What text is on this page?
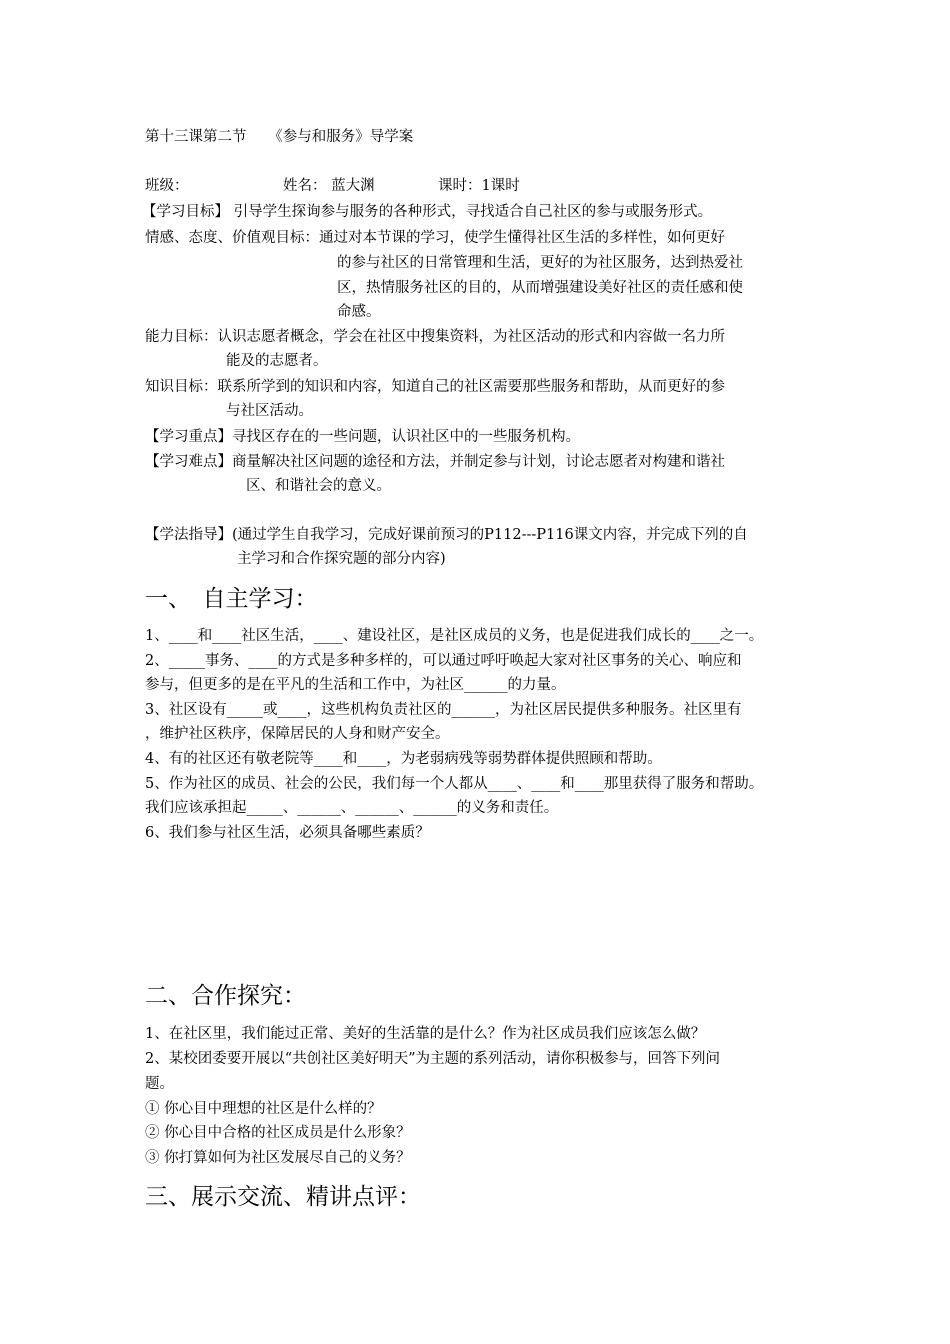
第十三课第二节　　《参与和服务》导学案
班级：	姓名： 蓝大渊	课时：1课时
【学习目标】 引导学生探询参与服务的各种形式，寻找适合自己社区的参与或服务形式。
情感、态度、价值观目标：通过对本节课的学习，使学生懂得社区生活的多样性，如何更好
的参与社区的日常管理和生活，更好的为社区服务，达到热爱社
区，热情服务社区的目的，从而增强建设美好社区的责任感和使
命感。
能力目标：认识志愿者概念，学会在社区中搜集资料，为社区活动的形式和内容做一名力所
能及的志愿者。
知识目标：联系所学到的知识和内容，知道自己的社区需要那些服务和帮助，从而更好的参
与社区活动。
【学习重点】寻找区存在的一些问题，认识社区中的一些服务机构。
【学习难点】商量解决社区问题的途径和方法，并制定参与计划，讨论志愿者对构建和谐社
区、和谐社会的意义。
【学法指导】(通过学生自我学习，完成好课前预习的P112---P116课文内容，并完成下列的自
主学习和合作探究题的部分内容)
一、　自主学习：
1、____和____社区生活，____、建设社区，是社区成员的义务，也是促进我们成长的____之一。
2、_____事务、____的方式是多种多样的，可以通过呼吁唤起大家对社区事务的关心、响应和
参与，但更多的是在平凡的生活和工作中，为社区______的力量。
3、社区设有_____或____，这些机构负责社区的______，为社区居民提供多种服务。社区里有
，维护社区秩序，保障居民的人身和财产安全。
4、有的社区还有敬老院等____和____，为老弱病残等弱势群体提供照顾和帮助。
5、作为社区的成员、社会的公民，我们每一个人都从____、____和____那里获得了服务和帮助。
我们应该承担起_____、______、______、______的义务和责任。
6、我们参与社区生活，必须具备哪些素质？
二、合作探究：
1、在社区里，我们能过正常、美好的生活靠的是什么？作为社区成员我们应该怎么做？
2、某校团委要开展以“共创社区美好明天”为主题的系列活动，请你积极参与，回答下列问
题。
① 你心目中理想的社区是什么样的？
② 你心目中合格的社区成员是什么形象？
③ 你打算如何为社区发展尽自己的义务？
三、展示交流、精讲点评：
